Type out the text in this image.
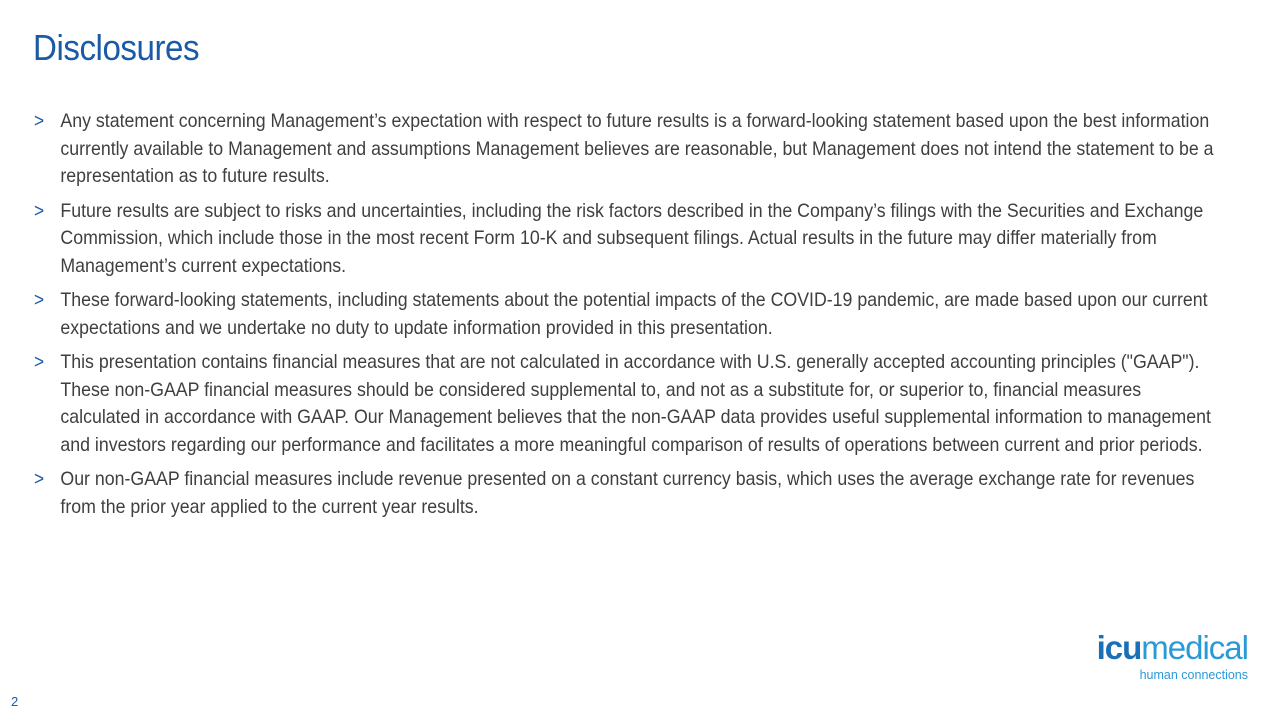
Disclosures
> Any statement concerning Management’s expectation with respect to future results is a forward-looking statement based upon the best information currently available to Management and assumptions Management believes are reasonable, but Management does not intend the statement to be a representation as to future results.
> Future results are subject to risks and uncertainties, including the risk factors described in the Company’s filings with the Securities and Exchange Commission, which include those in the most recent Form 10-K and subsequent filings. Actual results in the future may differ materially from Management’s current expectations.
> These forward-looking statements, including statements about the potential impacts of the COVID-19 pandemic, are made based upon our current expectations and we undertake no duty to update information provided in this presentation.
> This presentation contains financial measures that are not calculated in accordance with U.S. generally accepted accounting principles ("GAAP"). These non-GAAP financial measures should be considered supplemental to, and not as a substitute for, or superior to, financial measures calculated in accordance with GAAP. Our Management believes that the non-GAAP data provides useful supplemental information to management and investors regarding our performance and facilitates a more meaningful comparison of results of operations between current and prior periods.
> Our non-GAAP financial measures include revenue presented on a constant currency basis, which uses the average exchange rate for revenues from the prior year applied to the current year results.
icumedical
human connections
2
